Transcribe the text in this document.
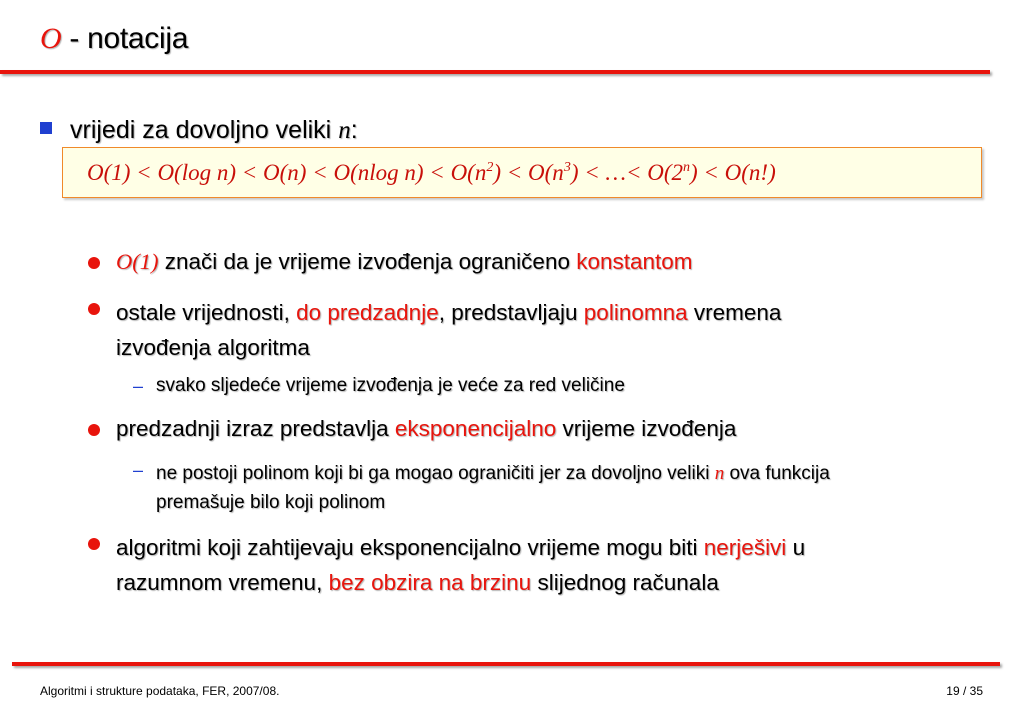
O - notacija
vrijedi za dovoljno veliki n:
O(1) < O(log n) < O(n) < O(nlog $n) < O(n^2) < O(n^3)$ < …< $O(2^n) < O(n!)$
O(1) znači da je vrijeme izvođenja ograničeno konstantom
ostale vrijednosti, do predzadnje, predstavljaju polinomna vremena
izvođenja algoritma
– svako sljedeće vrijeme izvođenja je veće za red veličine
predzadnji izraz predstavlja eksponencijalno vrijeme izvođenja
– ne postoji polinom koji bi ga mogao ograničiti jer za dovoljno veliki n ova funkcija
premašuje bilo koji polinom
algoritmi koji zahtijevaju eksponencijalno vrijeme mogu biti nerješivi u
razumnom vremenu, bez obzira na brzinu slijednog računala
Algoritmi i strukture podataka, FER, 2007/08.	19 / 35
